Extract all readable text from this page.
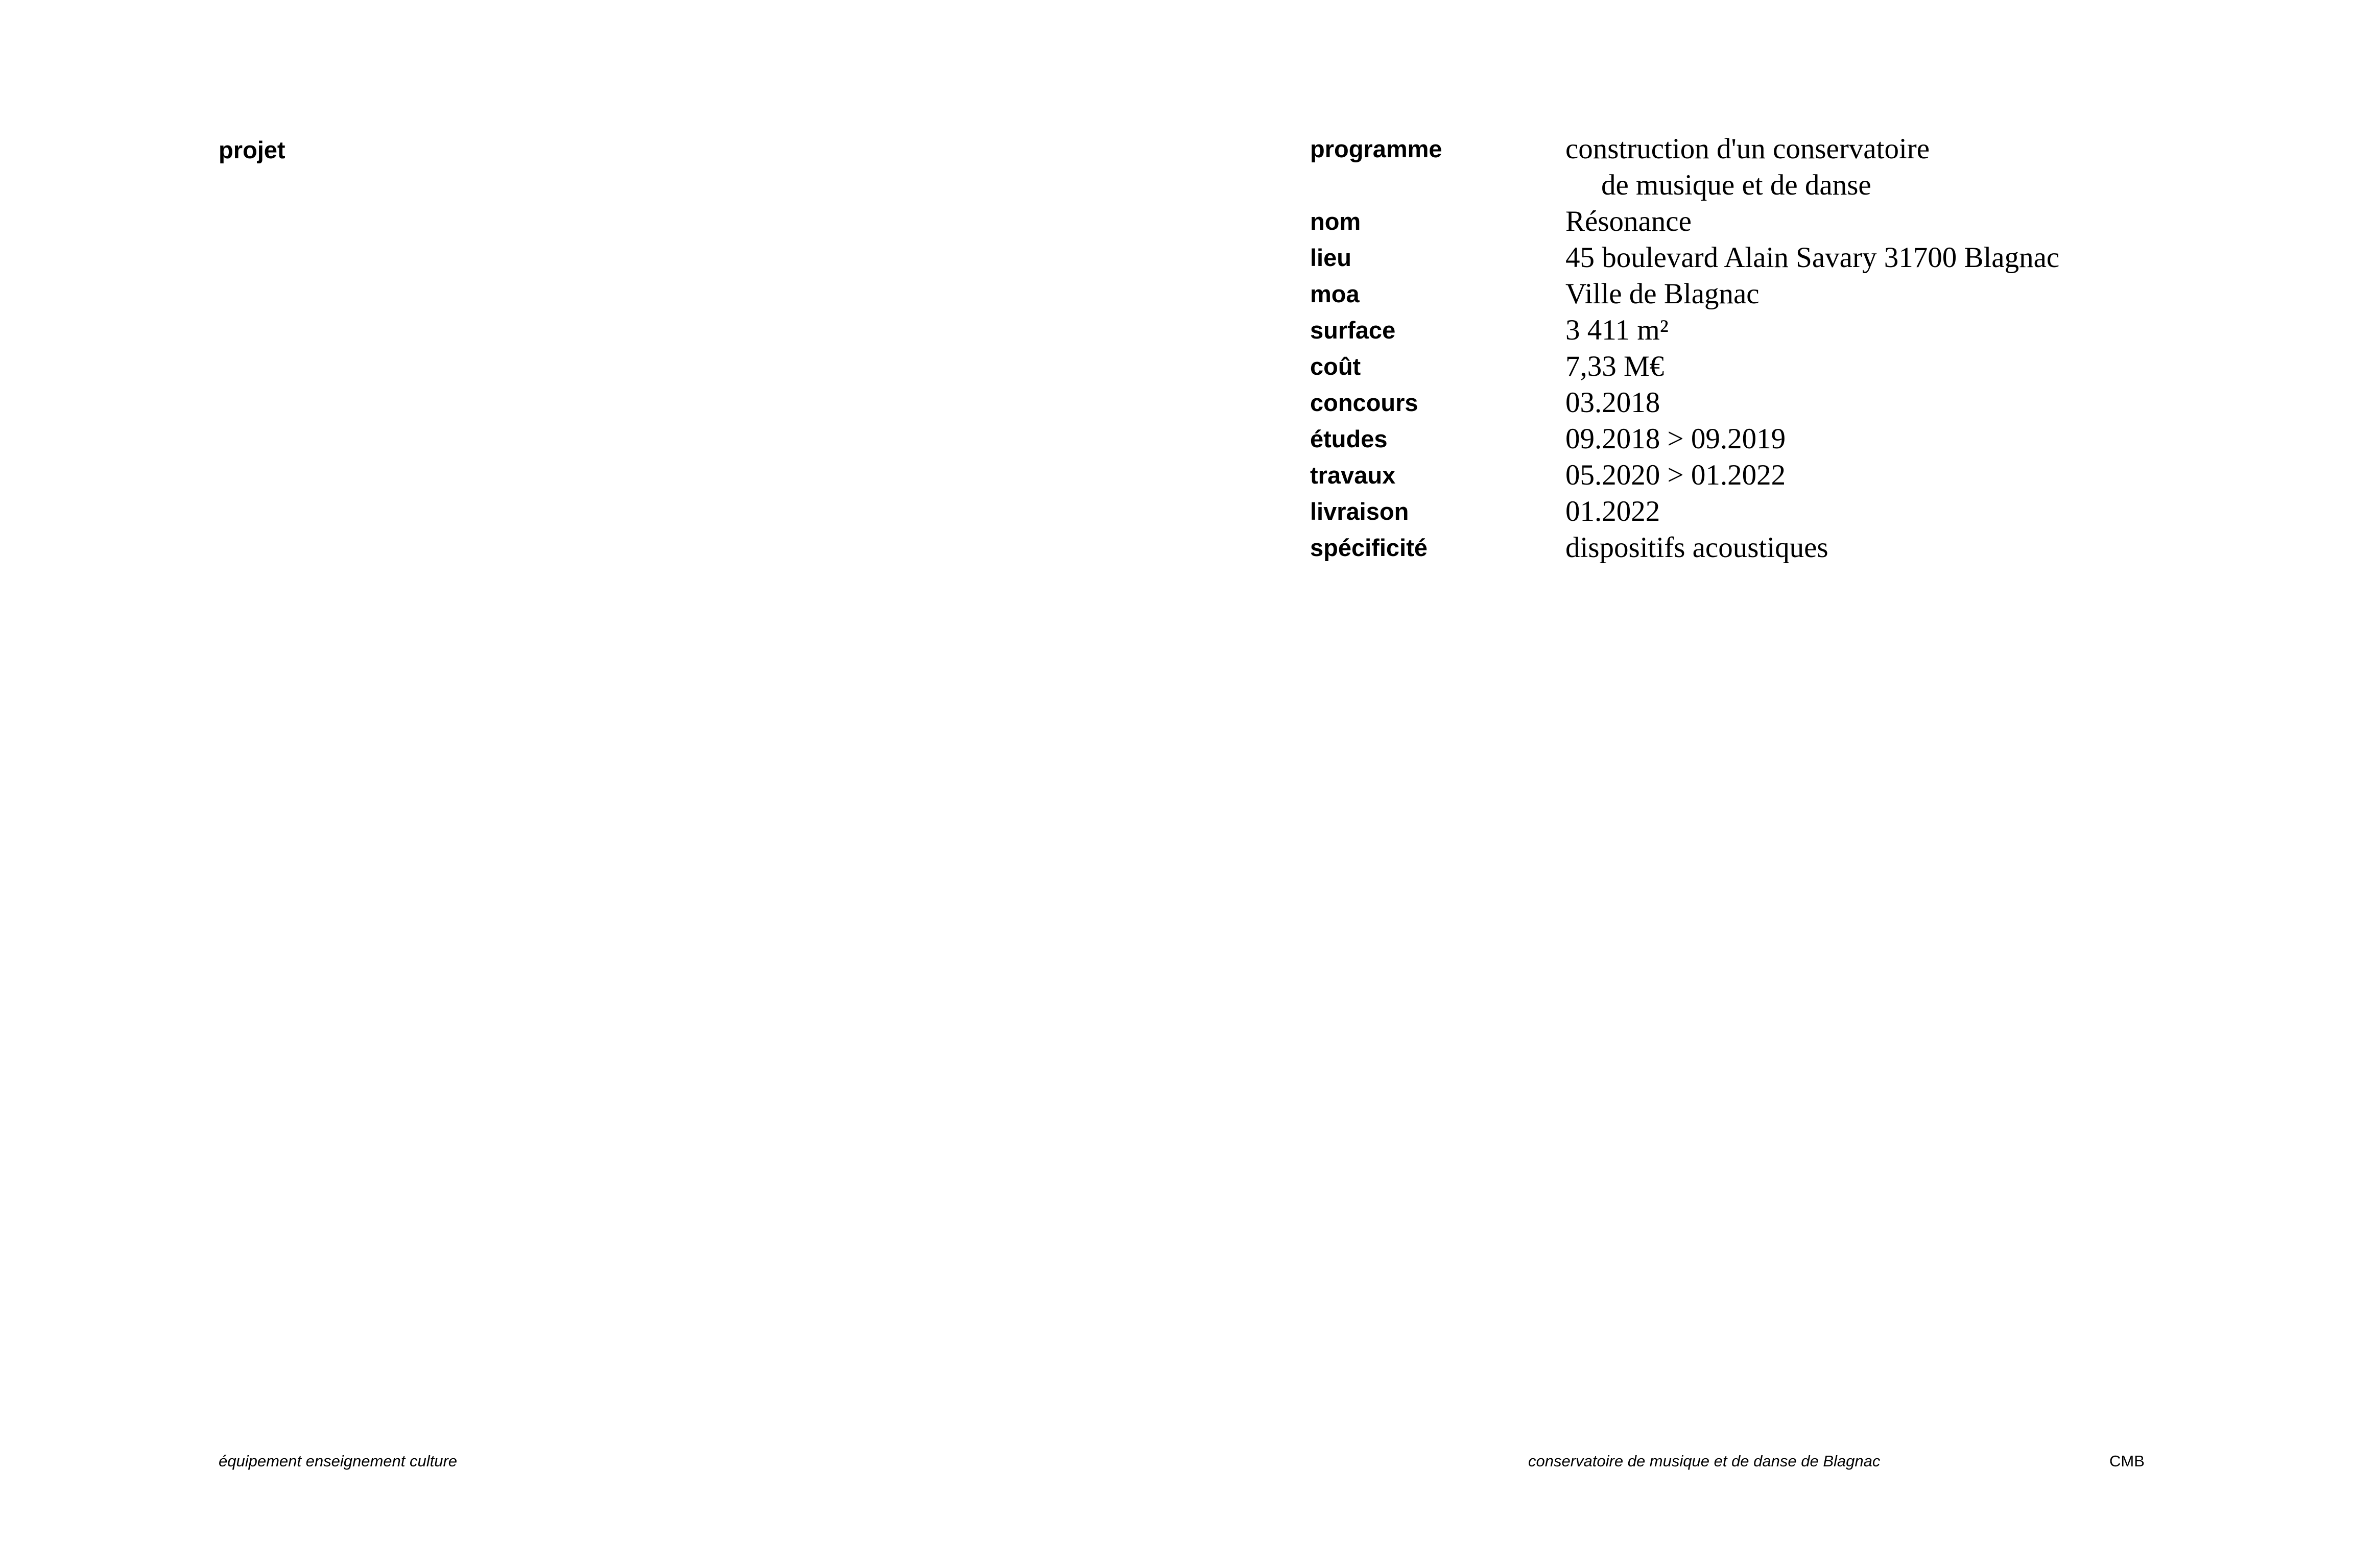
projet	programme	construction d'un conservatoire
de musique et de danse
nom	Résonance
lieu	45 boulevard Alain Savary 31700 Blagnac
moa	Ville de Blagnac
surface	3 411 m²
coût	7,33 M€
concours	03.2018
études	09.2018 > 09.2019
travaux	05.2020 > 01.2022
livraison	01.2022
spécificité	dispositifs acoustiques
équipement enseignement culture	conservatoire de musique et de danse de Blagnac	CMB
